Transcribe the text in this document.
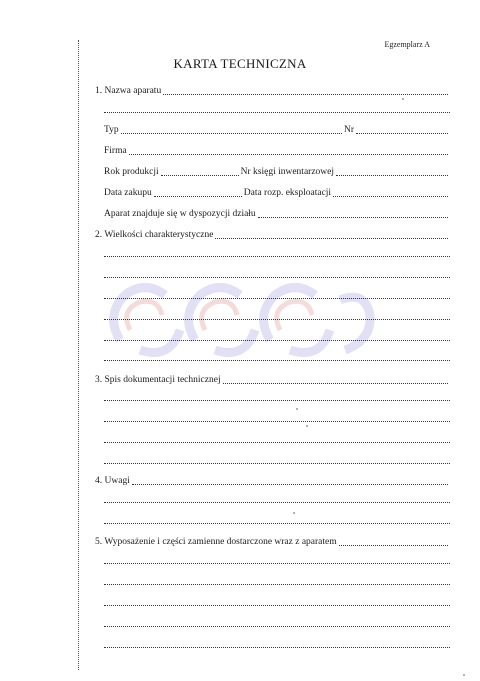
Egzemplarz A
KARTA TECHNICZNA
1. Nazwa aparatu
Typ	Nr
Firma
Rok produkcji	Nr księgi inwentarzowej
Data zakupu	Data rozp. eksploatacji
Aparat znajduje się w dyspozycji działu
2. Wielkości charakterystyczne
3. Spis dokumentacji technicznej
4. Uwagi
5. Wyposażenie i części zamienne dostarczone wraz z aparatem
